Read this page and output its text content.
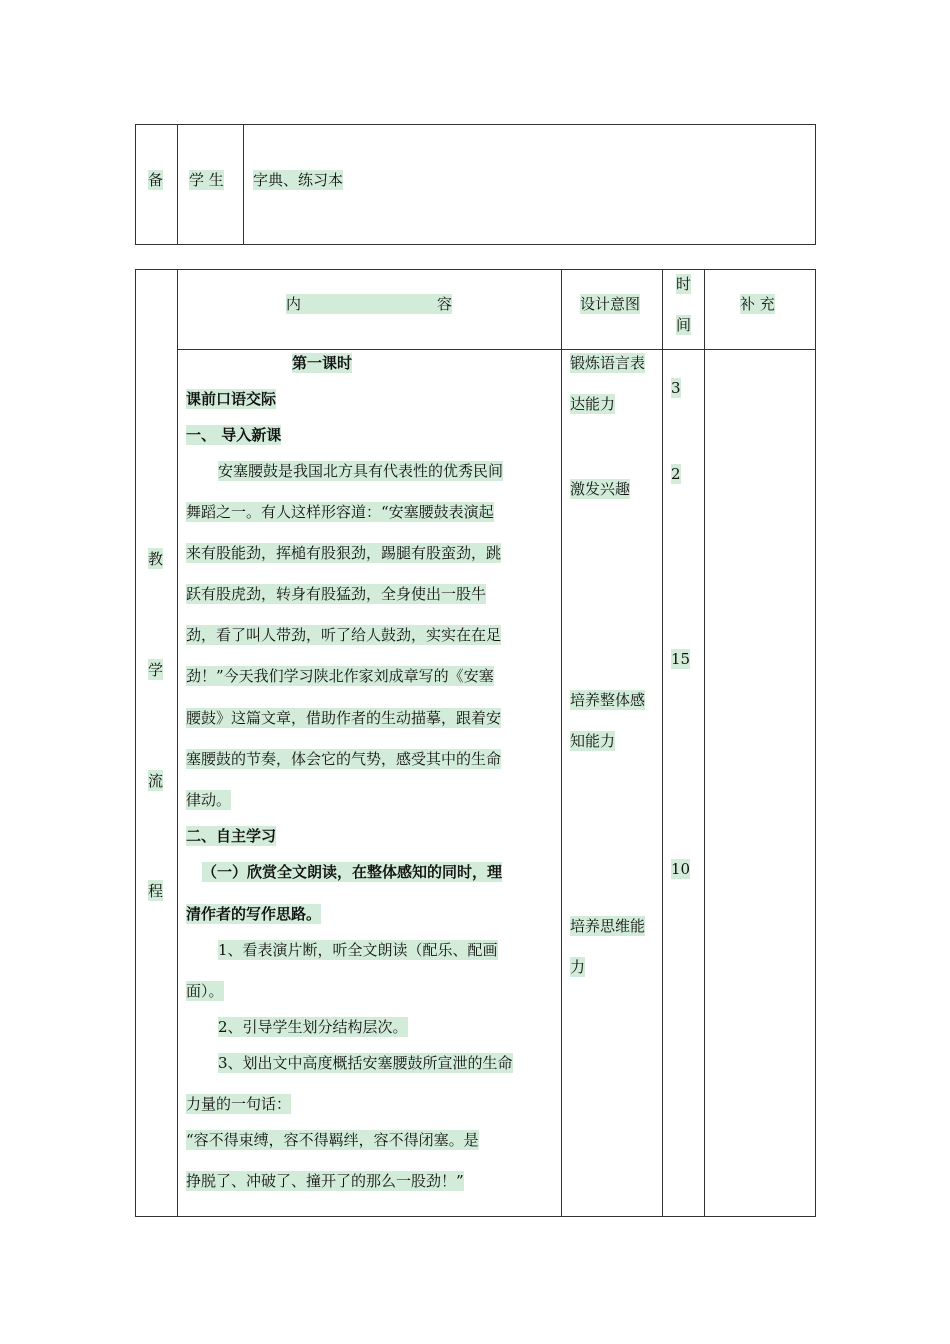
备 学 生 字典、练习本
教
学
流
程
内	容	设计意图
时
间
补 充
第一课时
课前口语交际
一、 导入新课
安塞腰鼓是我国北方具有代表性的优秀民间
舞蹈之一。有人这样形容道：“安塞腰鼓表演起
来有股能劲，挥槌有股狠劲，踢腿有股蛮劲，跳
跃有股虎劲，转身有股猛劲，全身使出一股牛
劲，看了叫人带劲，听了给人鼓劲，实实在在足
劲！”今天我们学习陕北作家刘成章写的《安塞
腰鼓》这篇文章，借助作者的生动描摹，跟着安
塞腰鼓的节奏，体会它的气势，感受其中的生命
律动。
二、自主学习
（一）欣赏全文朗读，在整体感知的同时，理
清作者的写作思路。
1、看表演片断，听全文朗读（配乐、配画
面）。
2、引导学生划分结构层次。
3、划出文中高度概括安塞腰鼓所宣泄的生命
力量的一句话：
“容不得束缚，容不得羁绊，容不得闭塞。是
挣脱了、冲破了、撞开了的那么一股劲！”
锻炼语言表
达能力
激发兴趣
培养整体感
知能力
培养思维能
力
3
2
15
10
